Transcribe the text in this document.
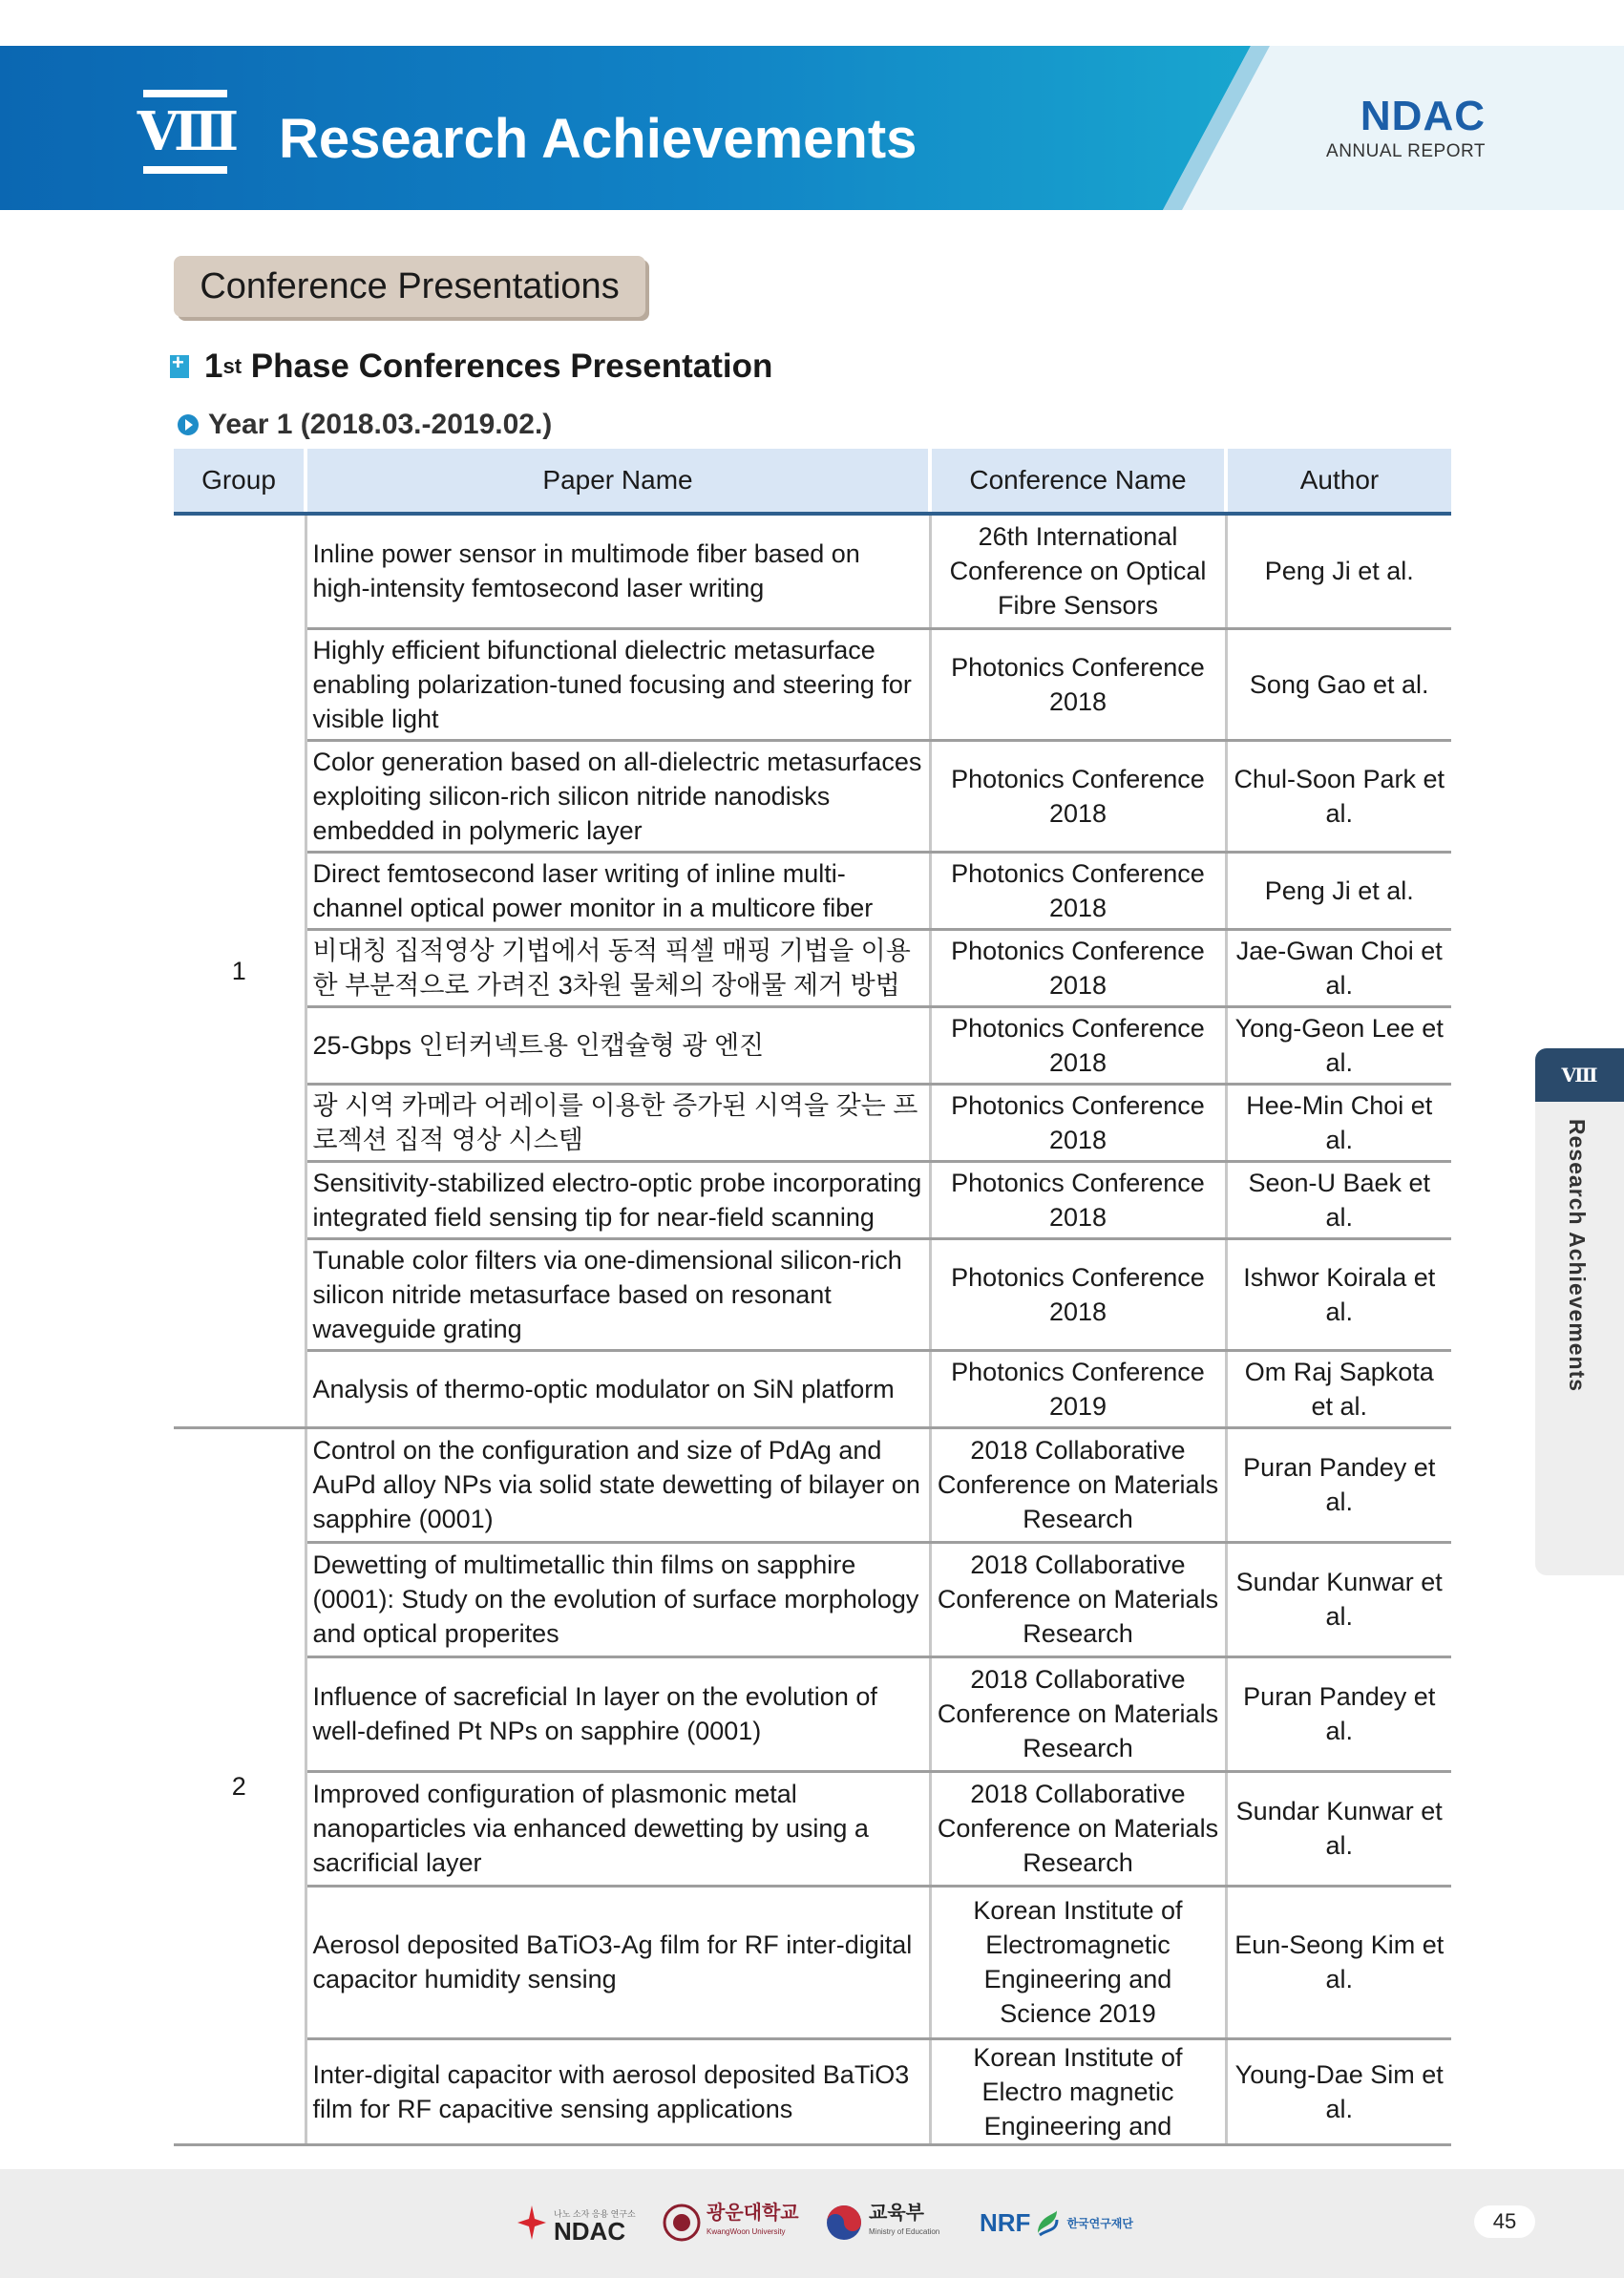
Ⅷ Research Achievements	NDAC
ANNUAL REPORT
Conference Presentations
+
1 st Phase Conferences Presentation
Year 1 (2018.03.-2019.02.)
Group	Paper Name	Conference Name	Author
1	Inline power sensor in multimode fiber based on high-intensity femtosecond laser writing	26th International Conference on Optical Fibre Sensors	Peng Ji et al.
	Highly efficient bifunctional dielectric metasurface enabling polarization-tuned focusing and steering for visible light	Photonics Conference 2018	Song Gao et al.
	Color generation based on all-dielectric metasurfaces exploiting silicon-rich silicon nitride nanodisks embedded in polymeric layer	Photonics Conference 2018	Chul-Soon Park et al.
	Direct femtosecond laser writing of inline multi-channel optical power monitor in a multicore fiber	Photonics Conference 2018	Peng Ji et al.
	비대칭 집적영상 기법에서 동적 픽셀 매핑 기법을 이용한 부분적으로 가려진 3차원 물체의 장애물 제거 방법	Photonics Conference 2018	Jae-Gwan Choi et al.
	25-Gbps 인터커넥트용 인캡슐형 광 엔진	Photonics Conference 2018	Yong-Geon Lee et al.
	광 시역 카메라 어레이를 이용한 증가된 시역을 갖는 프로젝션 집적 영상 시스템	Photonics Conference 2018	Hee-Min Choi et al.
	Sensitivity-stabilized electro-optic probe incorporating integrated field sensing tip for near-field scanning	Photonics Conference 2018	Seon-U Baek et al.
	Tunable color filters via one-dimensional silicon-rich silicon nitride metasurface based on resonant waveguide grating	Photonics Conference 2018	Ishwor Koirala et al.
	Analysis of thermo-optic modulator on SiN platform	Photonics Conference 2019	Om Raj Sapkota et al.
2	Control on the configuration and size of PdAg and AuPd alloy NPs via solid state dewetting of bilayer on sapphire (0001)	2018 Collaborative Conference on Materials Research	Puran Pandey et al.
	Dewetting of multimetallic thin films on sapphire (0001): Study on the evolution of surface morphology and optical properites	2018 Collaborative Conference on Materials Research	Sundar Kunwar et al.
	Influence of sacreficial In layer on the evolution of well-defined Pt NPs on sapphire (0001)	2018 Collaborative Conference on Materials Research	Puran Pandey et al.
	Improved configuration of plasmonic metal nanoparticles via enhanced dewetting by using a sacrificial layer	2018 Collaborative Conference on Materials Research	Sundar Kunwar et al.
	Aerosol deposited BaTiO3-Ag film for RF inter-digital capacitor humidity sensing	Korean Institute of Electromagnetic Engineering and Science 2019	Eun-Seong Kim et al.
	Inter-digital capacitor with aerosol deposited BaTiO3 film for RF capacitive sensing applications	Korean Institute of Electro magnetic Engineering and	Young-Dae Sim et al.
Ⅷ
Research Achievements
나노 소자 응용 연구소
NDAC
광운대학교
KwangWoon University
교육부
Ministry of Education NRF	한국연구재단	45
